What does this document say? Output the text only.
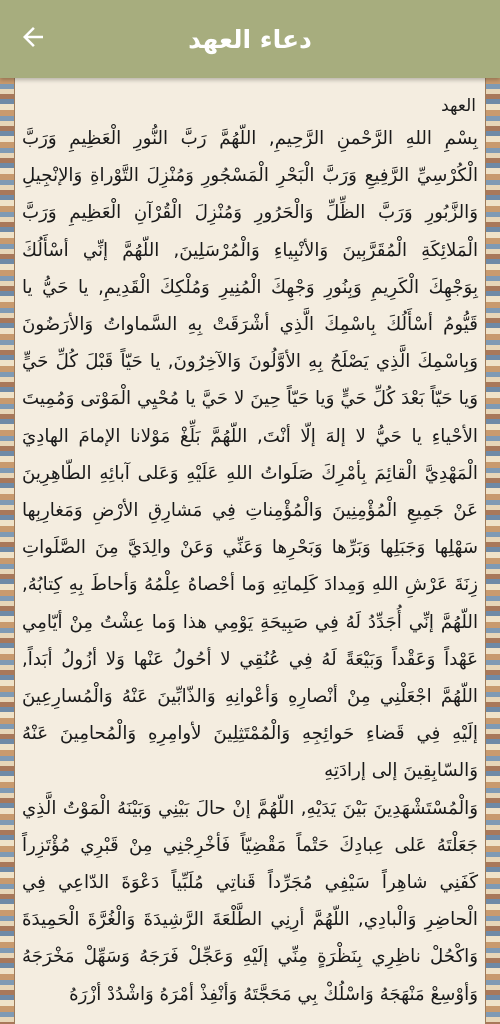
دعاء العهد
العهد

بِسْمِ اللهِ الرَّحْمنِ الرَّحِيمِ, اللّهُمَّ رَبَّ النُّورِ الْعَظِيمِ وَرَبَّ الْكُرْسِيِّ الرَّفِيعِ وَرَبَّ الْبَحْرِ الْمَسْجُورِ وَمُنْزِلَ التَّوْراةِ وَالإنْجِيلِ وَالزَّبُورِ وَرَبَّ الظِّلِّ وَالْحَرُورِ وَمُنْزِلَ الْقُرْآنِ الْعَظِيمِ وَرَبَّ الْمَلائِكَةِ الْمُقَرَّبِينَ وَالأنْبِياءِ وَالْمُرْسَلِينَ, اللّهُمَّ إنِّي أسْأَلُكَ بِوَجْهِكَ الْكَرِيمِ وَبِنُورِ وَجْهِكَ الْمُنِيرِ وَمُلْكِكَ الْقَدِيمِ, يا حَيُّ يا قَيُّومُ أسْأَلُكَ بِاسْمِكَ الَّذِي أشْرَقَتْ بِهِ السَّماواتُ وَالأرَضُونَ وَبِاسْمِكَ الَّذِي يَصْلَحُ بِهِ الأوَّلُونَ وَالآخِرُونَ, يا حَيّاً قَبْلَ كُلِّ حَيٍّ وَيا حَيّاً بَعْدَ كُلِّ حَيٍّ وَيا حَيّاً حِينَ لا حَيَّ يا مُحْيِي الْمَوْتى وَمُمِيتَ الأحْياءِ يا حَيُّ لا إلهَ إلّا أنْتَ, اللّهُمَّ بَلِّغْ مَوْلانا الإمامَ الهادِيَ الْمَهْدِيَّ الْقائِمَ بِأمْرِكَ صَلَواتُ اللهِ عَلَيْهِ وَعَلى آبائِهِ الطّاهِرِينَ عَنْ جَمِيعِ الْمُؤْمِنِينَ وَالْمُؤْمِناتِ فِي مَشارِقِ الأرْضِ وَمَغارِبِها سَهْلِها وَجَبَلِها وَبَرِّها وَبَحْرِها وَعَنِّي وَعَنْ والِدَيَّ مِنَ الصَّلَواتِ زِنَةَ عَرْشِ اللهِ وَمِدادَ كَلِماتِهِ وَما أحْصاهُ عِلْمُهُ وَأحاطَ بِهِ كِتابُهُ, اللّهُمَّ إنِّي أُجَدِّدُ لَهُ فِي صَبِيحَةِ يَوْمِي هذا وَما عِشْتُ مِنْ أيّامِي عَهْداً وَعَقْداً وَبَيْعَةً لَهُ فِي عُنُقِي لا أحُولُ عَنْها وَلا أزُولُ أبَداً, اللّهُمَّ اجْعَلْنِي مِنْ أنْصارِهِ وَأعْوانِهِ وَالذّابِّينَ عَنْهُ وَالْمُسارِعِينَ إلَيْهِ فِي قَضاءِ حَوائِجِهِ وَالْمُمْتَثِلِينَ لأوامِرِهِ وَالْمُحامِينَ عَنْهُ وَالسّابِقِينَ إلى إرادَتِهِ

وَالْمُسْتَشْهَدِينَ بَيْنَ يَدَيْهِ, اللّهُمَّ إنْ حالَ بَيْنِي وَبَيْنَهُ الْمَوْتُ الَّذِي جَعَلْتَهُ عَلى عِبادِكَ حَتْماً مَقْضِيّاً فَأخْرِجْنِي مِنْ قَبْرِي مُؤْتَزِراً كَفَنِي شاهِراً سَيْفِي مُجَرِّداً قَناتِي مُلَبِّياً دَعْوَةَ الدّاعِي فِي الْحاضِرِ وَالْبادِي, اللّهُمَّ أرِنِي الطَّلْعَةَ الرَّشِيدَةَ وَالْغُرَّةَ الْحَمِيدَةَ وَاكْحُلْ ناظِرِي بِنَظْرَةٍ مِنِّي إلَيْهِ وَعَجِّلْ فَرَجَهُ وَسَهِّلْ مَخْرَجَهُ وَأوْسِعْ مَنْهَجَهُ وَاسْلُكْ بِي مَحَجَّتَهُ وَأنْفِذْ أمْرَهُ وَاشْدُدْ أزْرَهُ
